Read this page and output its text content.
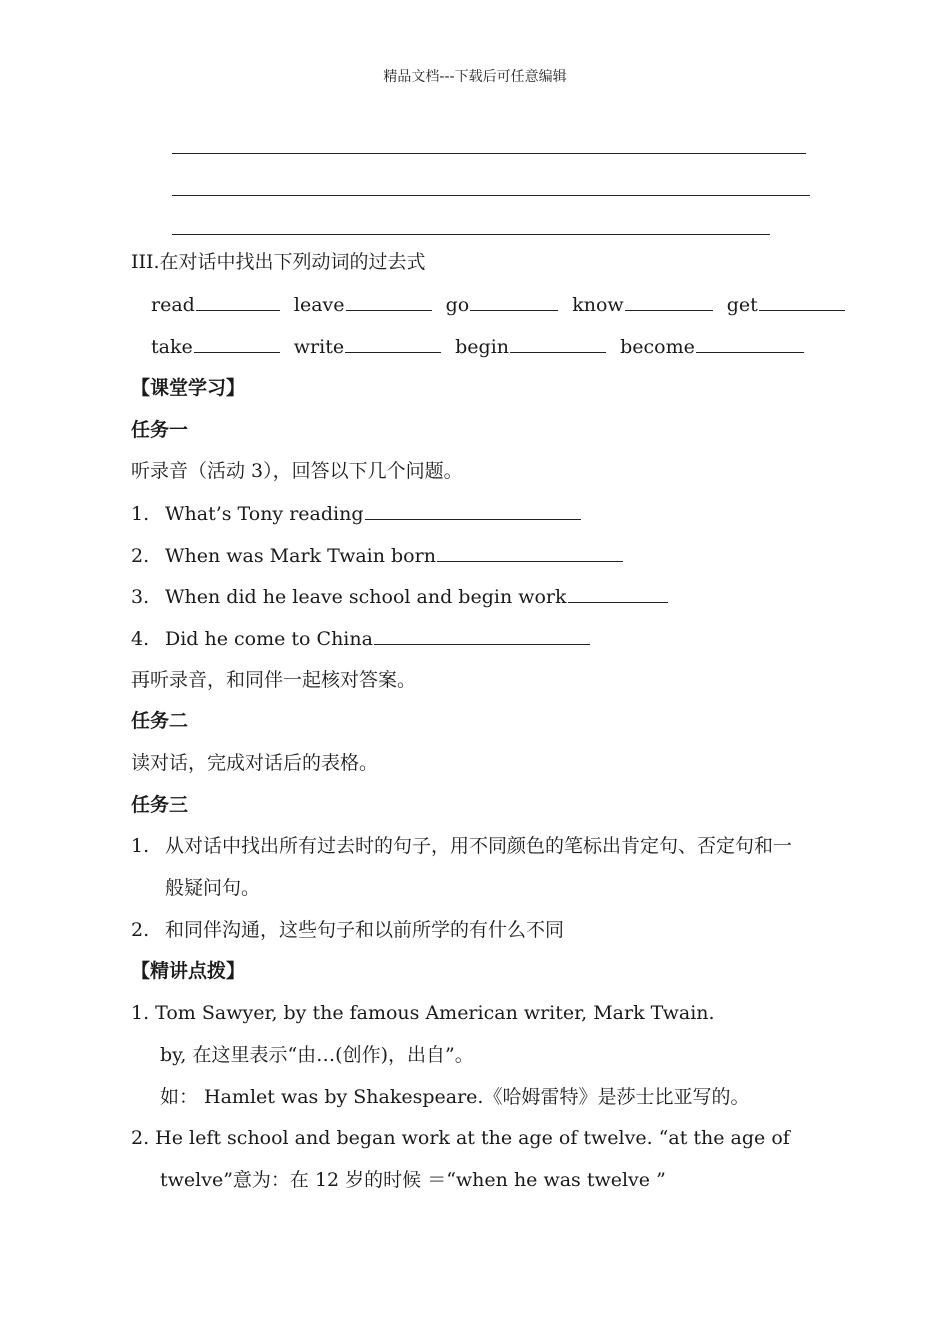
精品文档---下载后可任意编辑
III.在对话中找出下列动词的过去式
read	leave	go	know	get
take	write	begin	become
【课堂学习】
任务一
听录音（活动 3），回答以下几个问题。
1. What’s Tony reading
2. When was Mark Twain born
3. When did he leave school and begin work
4. Did he come to China
再听录音，和同伴一起核对答案。
任务二
读对话，完成对话后的表格。
任务三
1. 从对话中找出所有过去时的句子，用不同颜色的笔标出肯定句、否定句和一
般疑问句。
2. 和同伴沟通，这些句子和以前所学的有什么不同
【精讲点拨】
1. Tom Sawyer, by the famous American writer, Mark Twain.
by, 在这里表示“由…(创作)，出自”。
如： Hamlet was by Shakespeare.《哈姆雷特》是莎士比亚写的。
2. He left school and began work at the age of twelve. “at the age of
twelve”意为：在 12 岁的时候 ＝“when he was twelve ”
